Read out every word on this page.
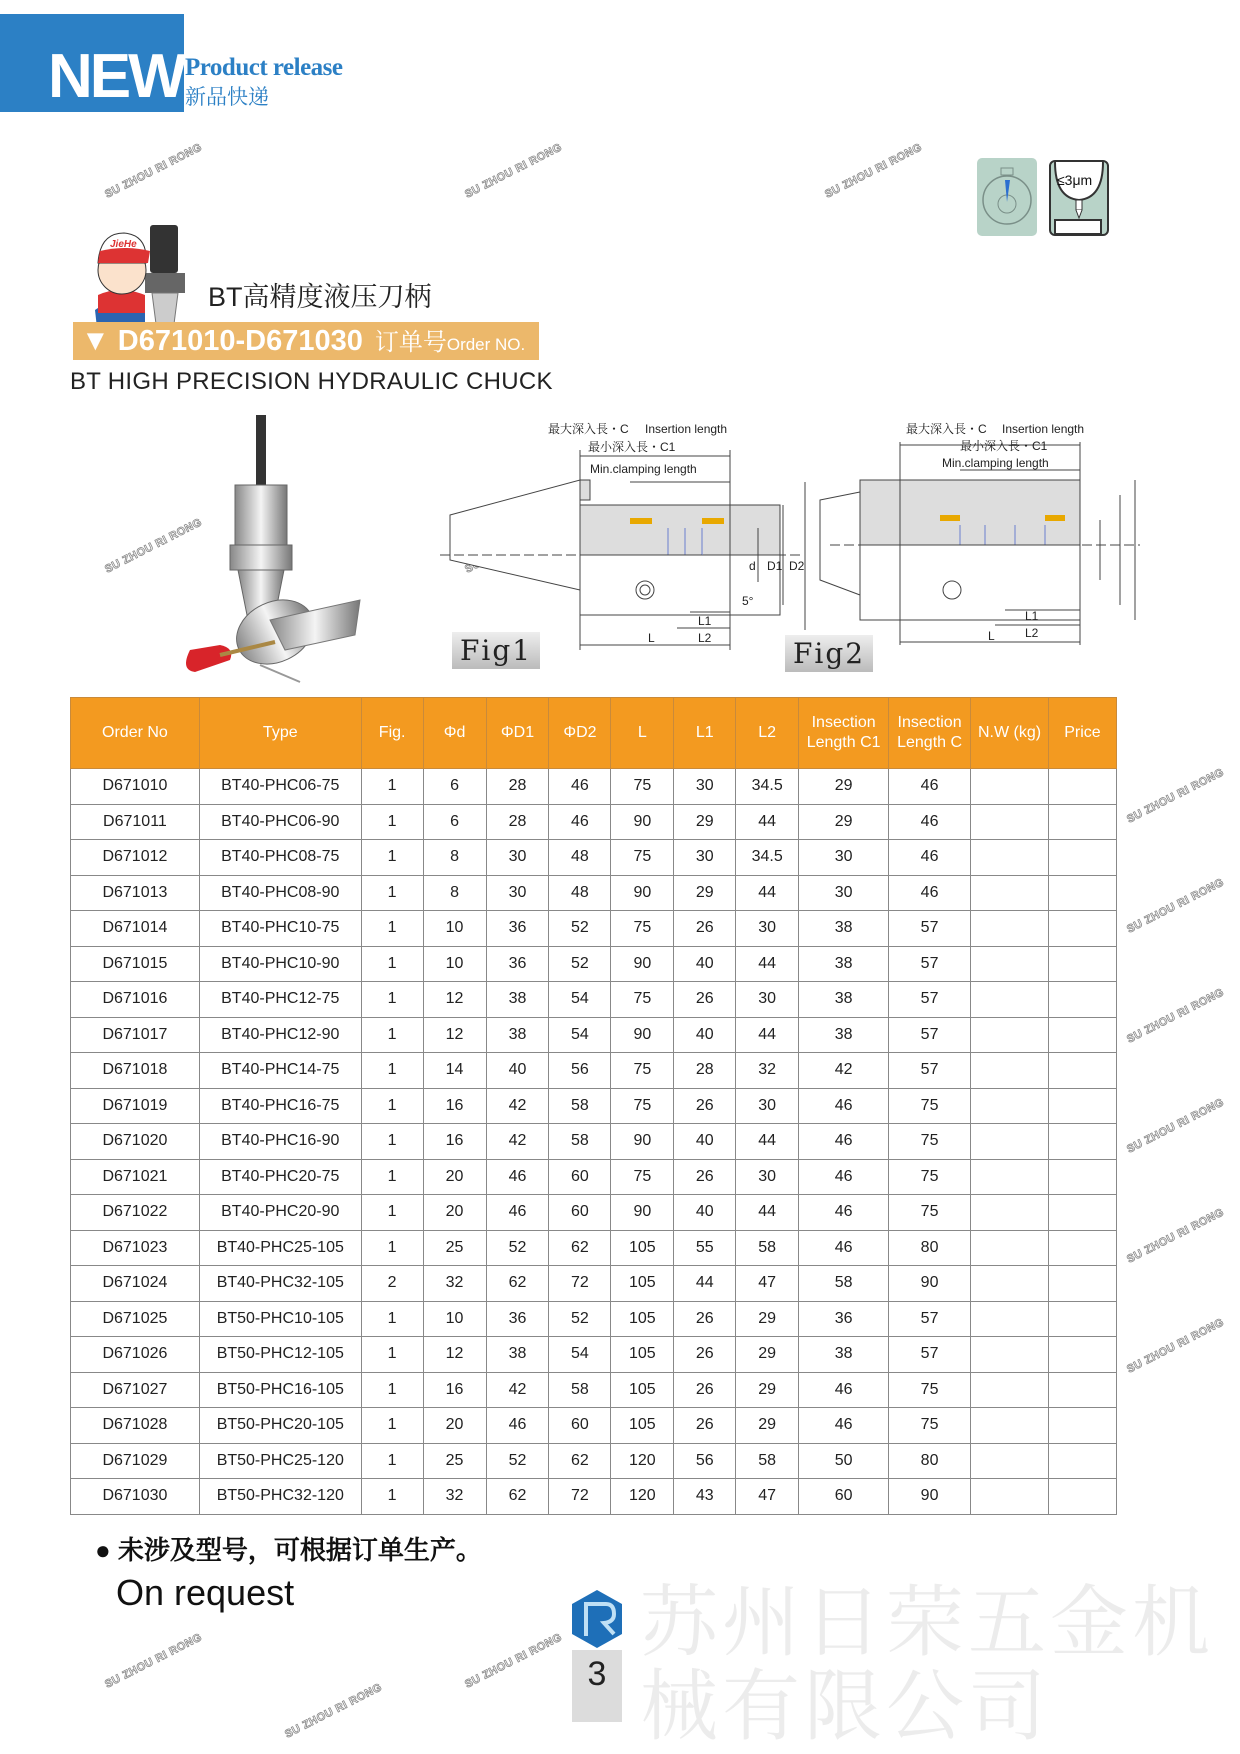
NEW Product release
新品快递
SU ZHOU RI RONG	SU ZHOU RI RONG	SU ZHOU RI RONG
SU ZHOU RI RONG
SU ZHOU RI RONG
SU ZHOU RI RONG
SU ZHOU RI RONG
SU ZHOU RI RONG
SU ZHOU RI RONG
SU ZHOU RI RONG
SU ZHOU RI RONG	SU ZHOU RI RONG
SU ZHOU RI RONG
苏州日荣五金机械有限公司
≤3μm
JieHe
BT高精度液压刀柄
▼ D671010-D671030 订单号Order NO.
BT HIGH PRECISION HYDRAULIC CHUCK
最大深入長・C Insertion length
最小深入長・C1
Min.clamping length
d D1 D2
L
L1
L2
5°
最大深入長・C Insertion length
最小深入長・C1
Min.clamping length
L
L1
L2
Fig1	Fig2
Order No	Type	Fig.	Φd	ΦD1	ΦD2	L	L1	L2	Insection Length C1	Insection Length C	N.W (kg)	Price
D671010	BT40-PHC06-75	1	6	28	46	75	30	34.5	29	46		
D671011	BT40-PHC06-90	1	6	28	46	90	29	44	29	46		
D671012	BT40-PHC08-75	1	8	30	48	75	30	34.5	30	46		
D671013	BT40-PHC08-90	1	8	30	48	90	29	44	30	46		
D671014	BT40-PHC10-75	1	10	36	52	75	26	30	38	57		
D671015	BT40-PHC10-90	1	10	36	52	90	40	44	38	57		
D671016	BT40-PHC12-75	1	12	38	54	75	26	30	38	57		
D671017	BT40-PHC12-90	1	12	38	54	90	40	44	38	57		
D671018	BT40-PHC14-75	1	14	40	56	75	28	32	42	57		
D671019	BT40-PHC16-75	1	16	42	58	75	26	30	46	75		
D671020	BT40-PHC16-90	1	16	42	58	90	40	44	46	75		
D671021	BT40-PHC20-75	1	20	46	60	75	26	30	46	75		
D671022	BT40-PHC20-90	1	20	46	60	90	40	44	46	75		
D671023	BT40-PHC25-105	1	25	52	62	105	55	58	46	80		
D671024	BT40-PHC32-105	2	32	62	72	105	44	47	58	90		
D671025	BT50-PHC10-105	1	10	36	52	105	26	29	36	57		
D671026	BT50-PHC12-105	1	12	38	54	105	26	29	38	57		
D671027	BT50-PHC16-105	1	16	42	58	105	26	29	46	75		
D671028	BT50-PHC20-105	1	20	46	60	105	26	29	46	75		
D671029	BT50-PHC25-120	1	25	52	62	120	56	58	50	80		
D671030	BT50-PHC32-120	1	32	62	72	120	43	47	60	90		
● 未涉及型号，可根据订单生产。
On request
3
